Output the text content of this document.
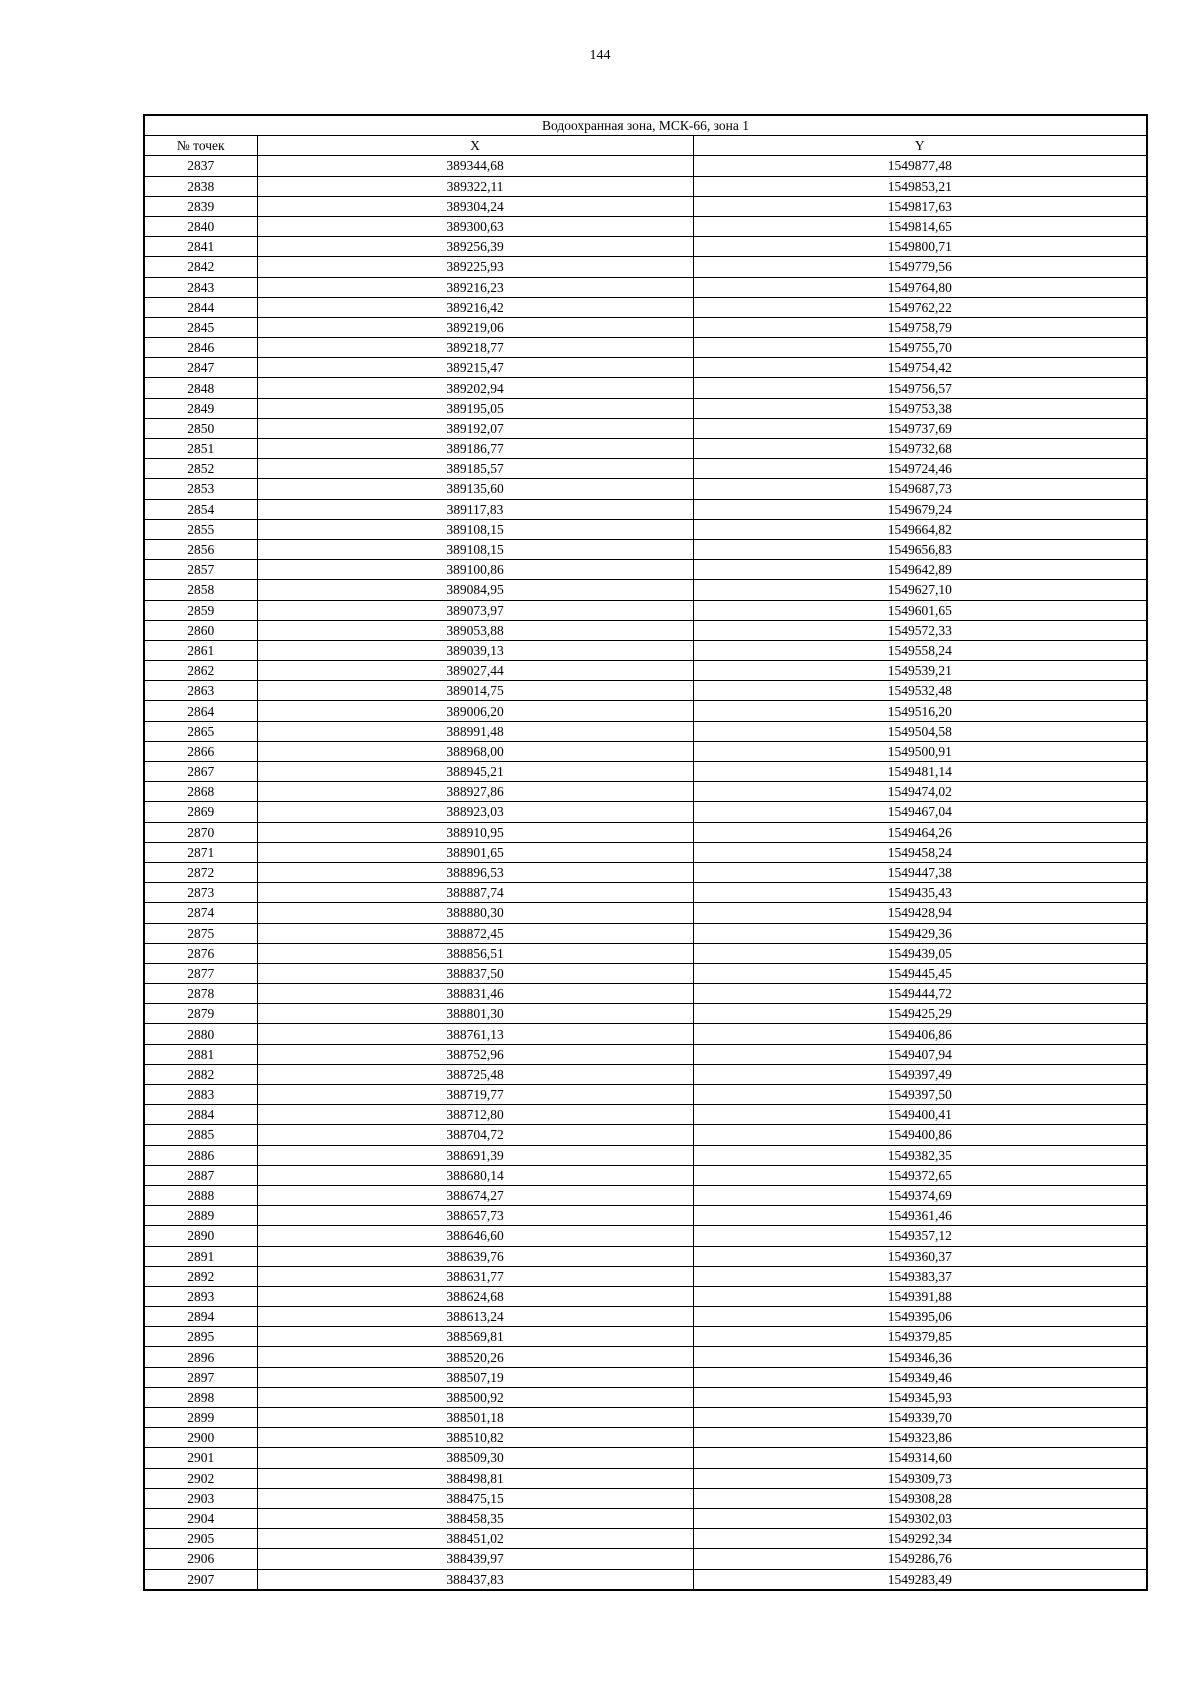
144
Водоохранная зона, МСК-66, зона 1		
№ точек	X	Y
2837	389344,68	1549877,48
2838	389322,11	1549853,21
2839	389304,24	1549817,63
2840	389300,63	1549814,65
2841	389256,39	1549800,71
2842	389225,93	1549779,56
2843	389216,23	1549764,80
2844	389216,42	1549762,22
2845	389219,06	1549758,79
2846	389218,77	1549755,70
2847	389215,47	1549754,42
2848	389202,94	1549756,57
2849	389195,05	1549753,38
2850	389192,07	1549737,69
2851	389186,77	1549732,68
2852	389185,57	1549724,46
2853	389135,60	1549687,73
2854	389117,83	1549679,24
2855	389108,15	1549664,82
2856	389108,15	1549656,83
2857	389100,86	1549642,89
2858	389084,95	1549627,10
2859	389073,97	1549601,65
2860	389053,88	1549572,33
2861	389039,13	1549558,24
2862	389027,44	1549539,21
2863	389014,75	1549532,48
2864	389006,20	1549516,20
2865	388991,48	1549504,58
2866	388968,00	1549500,91
2867	388945,21	1549481,14
2868	388927,86	1549474,02
2869	388923,03	1549467,04
2870	388910,95	1549464,26
2871	388901,65	1549458,24
2872	388896,53	1549447,38
2873	388887,74	1549435,43
2874	388880,30	1549428,94
2875	388872,45	1549429,36
2876	388856,51	1549439,05
2877	388837,50	1549445,45
2878	388831,46	1549444,72
2879	388801,30	1549425,29
2880	388761,13	1549406,86
2881	388752,96	1549407,94
2882	388725,48	1549397,49
2883	388719,77	1549397,50
2884	388712,80	1549400,41
2885	388704,72	1549400,86
2886	388691,39	1549382,35
2887	388680,14	1549372,65
2888	388674,27	1549374,69
2889	388657,73	1549361,46
2890	388646,60	1549357,12
2891	388639,76	1549360,37
2892	388631,77	1549383,37
2893	388624,68	1549391,88
2894	388613,24	1549395,06
2895	388569,81	1549379,85
2896	388520,26	1549346,36
2897	388507,19	1549349,46
2898	388500,92	1549345,93
2899	388501,18	1549339,70
2900	388510,82	1549323,86
2901	388509,30	1549314,60
2902	388498,81	1549309,73
2903	388475,15	1549308,28
2904	388458,35	1549302,03
2905	388451,02	1549292,34
2906	388439,97	1549286,76
2907	388437,83	1549283,49
